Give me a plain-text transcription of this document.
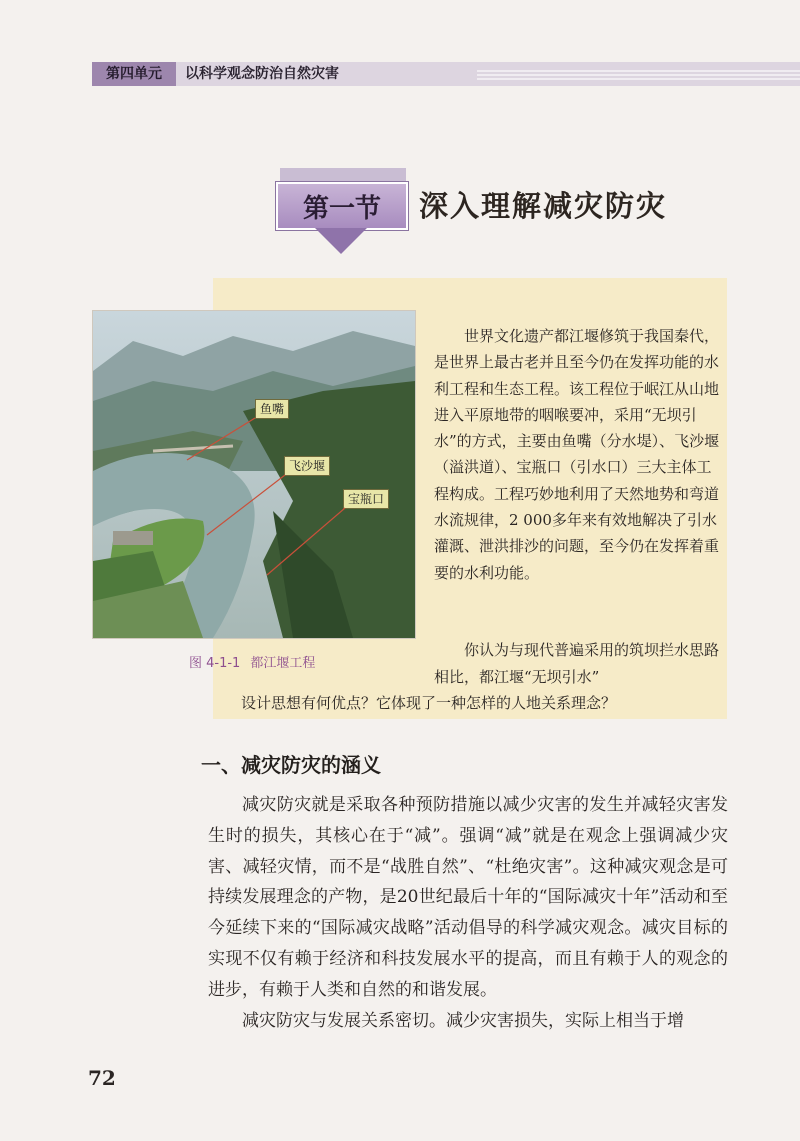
第四单元	以科学观念防治自然灾害
第一节	深入理解减灾防灾
鱼嘴
飞沙堰
宝瓶口
图 4-1-1 都江堰工程

世界文化遗产都江堰修筑于我国秦代，是世界上最古老并且至今仍在发挥功能的水利工程和生态工程。该工程位于岷江从山地进入平原地带的咽喉要冲，采用“无坝引水”的方式，主要由鱼嘴（分水堤）、飞沙堰（溢洪道）、宝瓶口（引水口）三大主体工程构成。工程巧妙地利用了天然地势和弯道水流规律，2 000多年来有效地解决了引水灌溉、泄洪排沙的问题，至今仍在发挥着重要的水利功能。

你认为与现代普遍采用的筑坝拦水思路相比，都江堰“无坝引水”
设计思想有何优点？它体现了一种怎样的人地关系理念？
一、减灾防灾的涵义

减灾防灾就是采取各种预防措施以减少灾害的发生并减轻灾害发生时的损失，其核心在于“减”。强调“减”就是在观念上强调减少灾害、减轻灾情，而不是“战胜自然”、“杜绝灾害”。这种减灾观念是可持续发展理念的产物，是20世纪最后十年的“国际减灾十年”活动和至今延续下来的“国际减灾战略”活动倡导的科学减灾观念。减灾目标的实现不仅有赖于经济和科技发展水平的提高，而且有赖于人的观念的进步，有赖于人类和自然的和谐发展。

减灾防灾与发展关系密切。减少灾害损失，实际上相当于增

72
